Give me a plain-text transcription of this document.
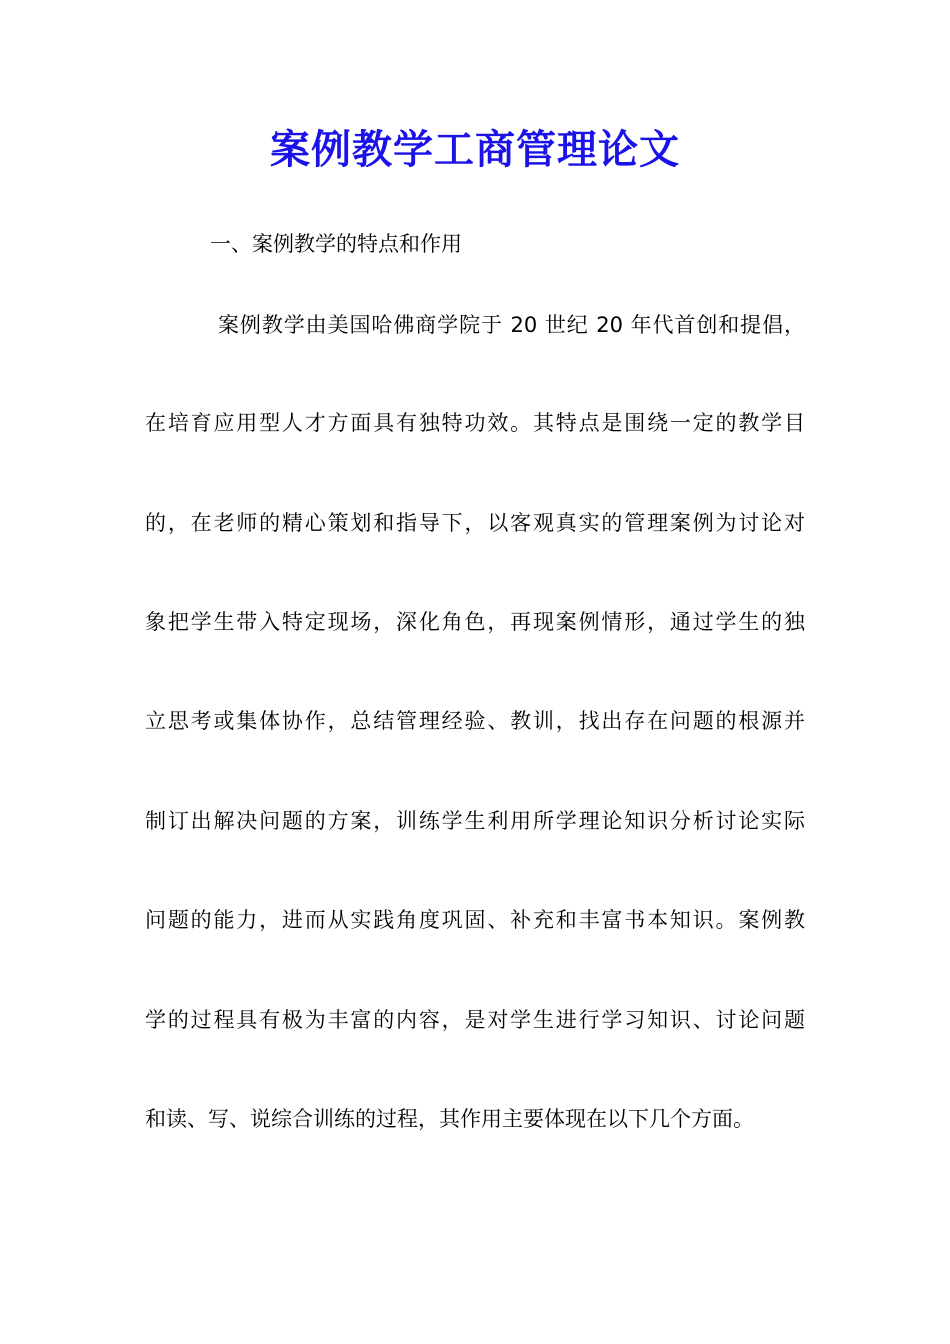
案例教学工商管理论文
一、案例教学的特点和作用
案例教学由美国哈佛商学院于 20 世纪 20 年代首创和提倡，
在培育应用型人才方面具有独特功效。其特点是围绕一定的教学目
的，在老师的精心策划和指导下，以客观真实的管理案例为讨论对
象把学生带入特定现场，深化角色，再现案例情形，通过学生的独
立思考或集体协作，总结管理经验、教训，找出存在问题的根源并
制订出解决问题的方案，训练学生利用所学理论知识分析讨论实际
问题的能力，进而从实践角度巩固、补充和丰富书本知识。案例教
学的过程具有极为丰富的内容，是对学生进行学习知识、讨论问题
和读、写、说综合训练的过程，其作用主要体现在以下几个方面。
